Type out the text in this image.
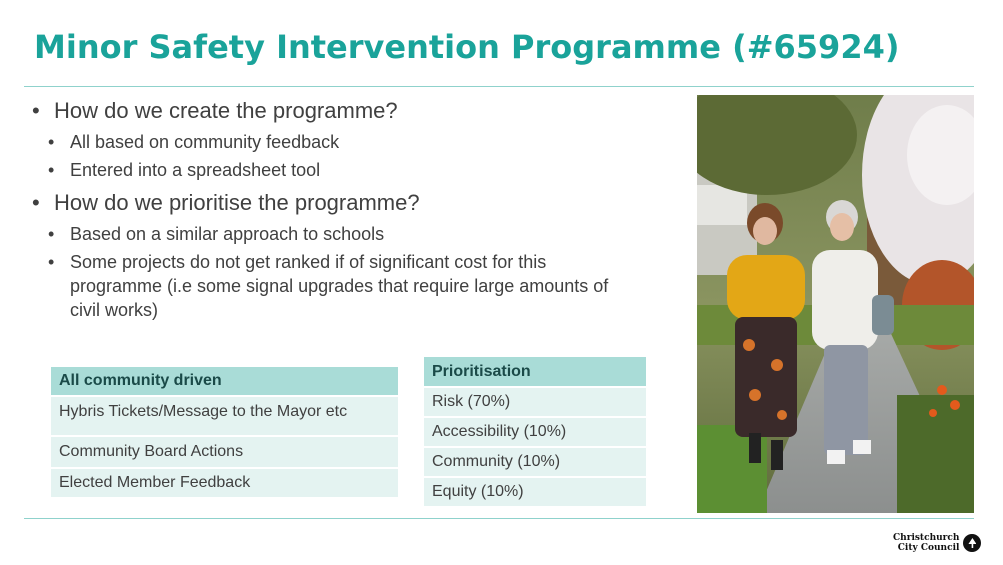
Minor Safety Intervention Programme (#65924)
• How do we create the programme?
• All based on community feedback
• Entered into a spreadsheet tool
• How do we prioritise the programme?
• Based on a similar approach to schools
• Some projects do not get ranked if of significant cost for this programme (i.e some signal upgrades that require large amounts of civil works)
All community driven
Hybris Tickets/Message to the Mayor etc
Community Board Actions
Elected Member Feedback
Prioritisation
Risk (70%)
Accessibility (10%)
Community (10%)
Equity (10%)
Christchurch
City Council
